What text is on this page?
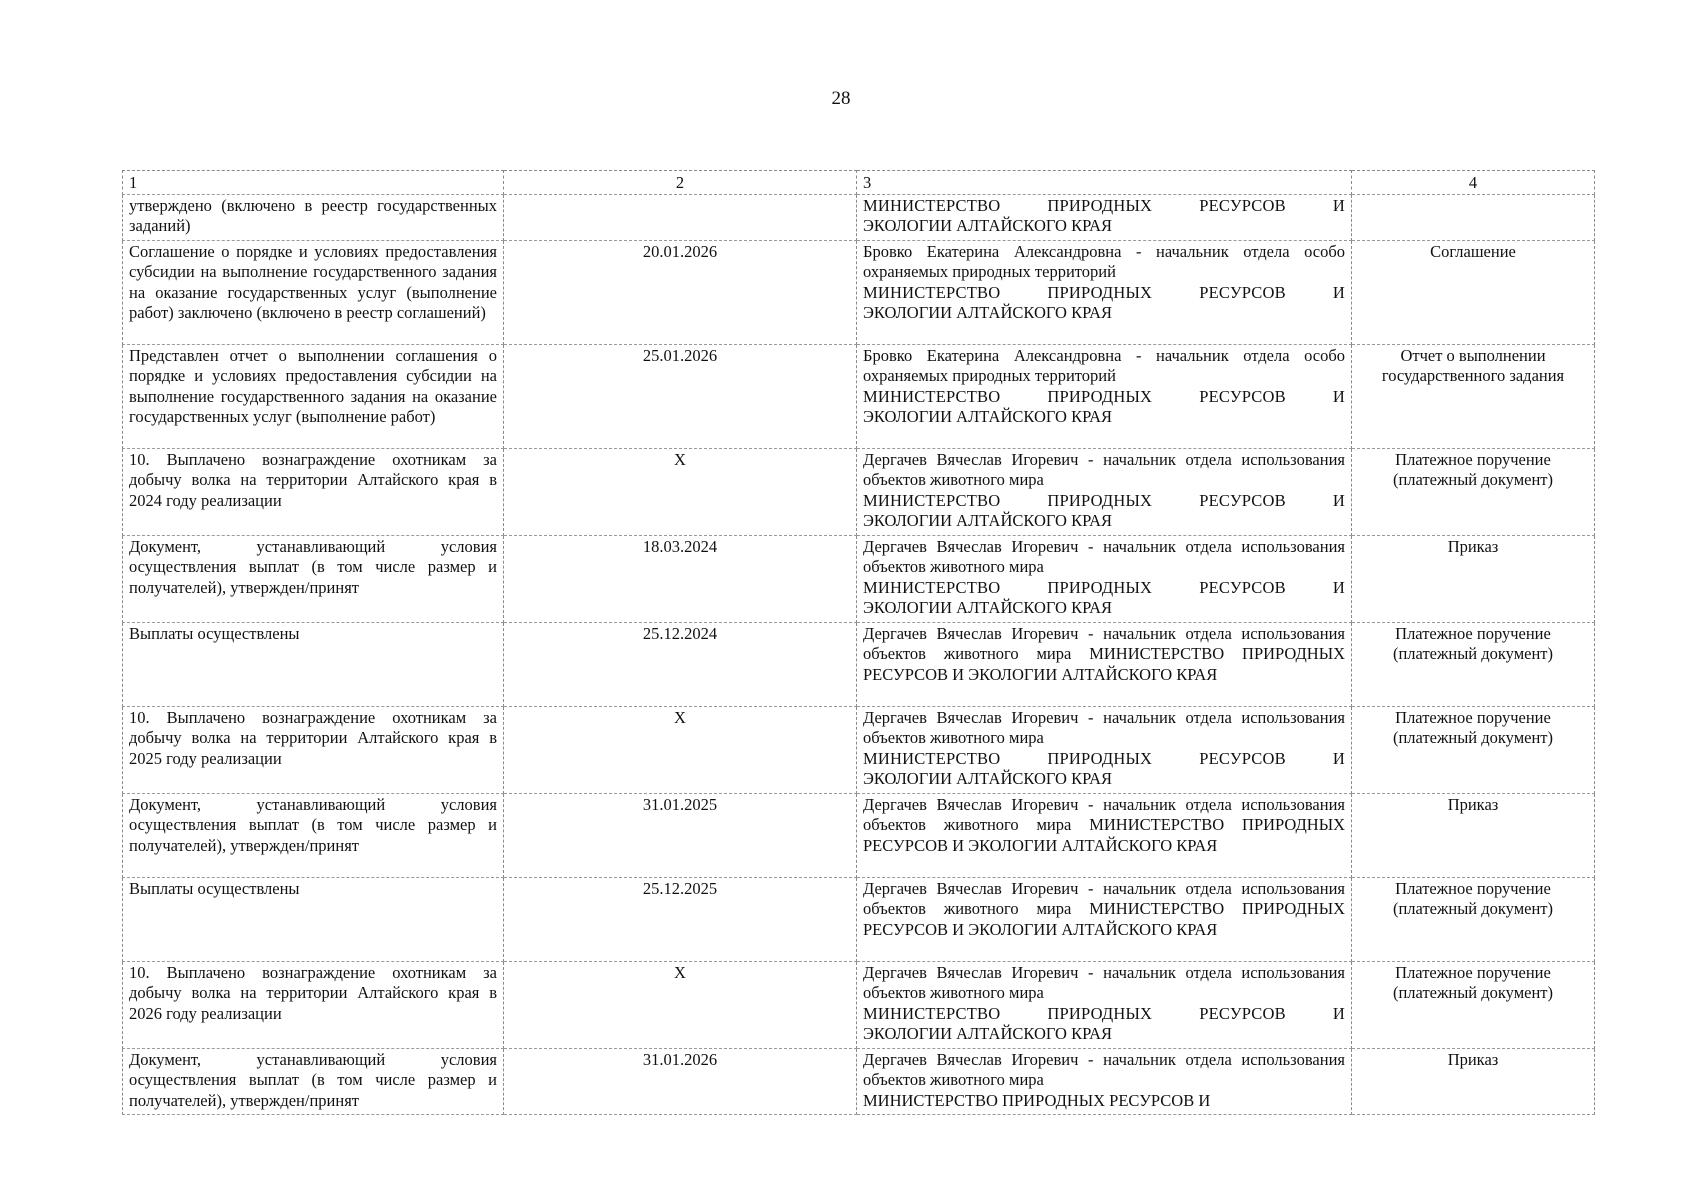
28
1	2	3	4
утверждено (включено в реестр государственных заданий)		МИНИСТЕРСТВО ПРИРОДНЫХ РЕСУРСОВ И
ЭКОЛОГИИ АЛТАЙСКОГО КРАЯ	

Соглашение о порядке и условиях предоставления субсидии на выполнение государственного задания на оказание государственных услуг (выполнение работ) заключено (включено в реестр соглашений)	20.01.2026	Бровко Екатерина Александровна - начальник отдела особо охраняемых природных территорий
МИНИСТЕРСТВО ПРИРОДНЫХ РЕСУРСОВ И
ЭКОЛОГИИ АЛТАЙСКОГО КРАЯ	Соглашение
Представлен отчет о выполнении соглашения о порядке и условиях предоставления субсидии на выполнение государственного задания на оказание государственных услуг (выполнение работ)	25.01.2026	Бровко Екатерина Александровна - начальник отдела особо охраняемых природных территорий
МИНИСТЕРСТВО ПРИРОДНЫХ РЕСУРСОВ И
ЭКОЛОГИИ АЛТАЙСКОГО КРАЯ	Отчет о выполнении государственного задания
10. Выплачено вознаграждение охотникам за добычу волка на территории Алтайского края в 2024 году реализации	Х	Дергачев Вячеслав Игоревич - начальник отдела использования объектов животного мира
МИНИСТЕРСТВО ПРИРОДНЫХ РЕСУРСОВ И
ЭКОЛОГИИ АЛТАЙСКОГО КРАЯ	Платежное поручение (платежный документ)
Документ, устанавливающий условия осуществления выплат (в том числе размер и получателей), утвержден/принят	18.03.2024	Дергачев Вячеслав Игоревич - начальник отдела использования объектов животного мира
МИНИСТЕРСТВО ПРИРОДНЫХ РЕСУРСОВ И
ЭКОЛОГИИ АЛТАЙСКОГО КРАЯ	Приказ
Выплаты осуществлены	25.12.2024	Дергачев Вячеслав Игоревич - начальник отдела использования объектов животного мира МИНИСТЕРСТВО ПРИРОДНЫХ РЕСУРСОВ И ЭКОЛОГИИ АЛТАЙСКОГО КРАЯ	Платежное поручение (платежный документ)
10. Выплачено вознаграждение охотникам за добычу волка на территории Алтайского края в 2025 году реализации	Х	Дергачев Вячеслав Игоревич - начальник отдела использования объектов животного мира
МИНИСТЕРСТВО ПРИРОДНЫХ РЕСУРСОВ И
ЭКОЛОГИИ АЛТАЙСКОГО КРАЯ	Платежное поручение (платежный документ)
Документ, устанавливающий условия осуществления выплат (в том числе размер и получателей), утвержден/принят	31.01.2025	Дергачев Вячеслав Игоревич - начальник отдела использования объектов животного мира МИНИСТЕРСТВО ПРИРОДНЫХ РЕСУРСОВ И ЭКОЛОГИИ АЛТАЙСКОГО КРАЯ	Приказ
Выплаты осуществлены	25.12.2025	Дергачев Вячеслав Игоревич - начальник отдела использования объектов животного мира МИНИСТЕРСТВО ПРИРОДНЫХ РЕСУРСОВ И ЭКОЛОГИИ АЛТАЙСКОГО КРАЯ	Платежное поручение (платежный документ)
10. Выплачено вознаграждение охотникам за добычу волка на территории Алтайского края в 2026 году реализации	Х	Дергачев Вячеслав Игоревич - начальник отдела использования объектов животного мира
МИНИСТЕРСТВО ПРИРОДНЫХ РЕСУРСОВ И
ЭКОЛОГИИ АЛТАЙСКОГО КРАЯ	Платежное поручение (платежный документ)
Документ, устанавливающий условия осуществления выплат (в том числе размер и получателей), утвержден/принят	31.01.2026	Дергачев Вячеслав Игоревич - начальник отдела использования объектов животного мира
МИНИСТЕРСТВО ПРИРОДНЫХ РЕСУРСОВ И	Приказ
